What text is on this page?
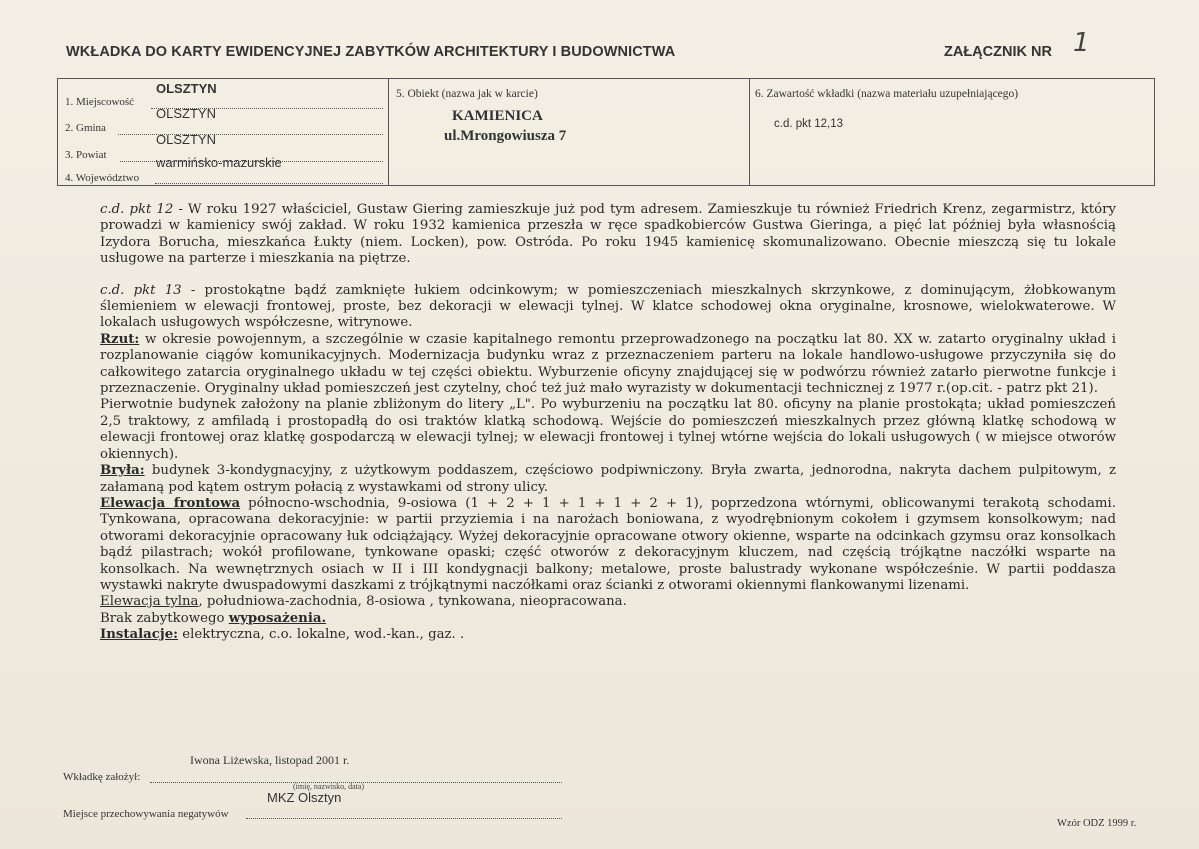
WKŁADKA DO KARTY EWIDENCYJNEJ ZABYTKÓW ARCHITEKTURY I BUDOWNICTWA	ZAŁĄCZNIK NR 1
1. Miejscowość
OLSZTYN
2. Gmina
OLSZTYN
3. Powiat
OLSZTYN
4. Województwo
warmińsko-mazurskie
5. Obiekt (nazwa jak w karcie)
KAMIENICA
ul.Mrongowiusza 7
6. Zawartość wkładki (nazwa materiału uzupełniającego)
c.d. pkt 12,13

c.d. pkt 12 - W roku 1927 właściciel, Gustaw Giering zamieszkuje już pod tym adresem. Zamieszkuje tu również Friedrich Krenz, zegarmistrz, który prowadzi w kamienicy swój zakład. W roku 1932 kamienica przeszła w ręce spadkobierców Gustwa Gieringa, a pięć lat później była własnością Izydora Borucha, mieszkańca Łukty (niem. Locken), pow. Ostróda. Po roku 1945 kamienicę skomunalizowano. Obecnie mieszczą się tu lokale usługowe na parterze i mieszkania na piętrze.

c.d. pkt 13 - prostokątne bądź zamknięte łukiem odcinkowym; w pomieszczeniach mieszkalnych skrzynkowe, z dominującym, żłobkowanym ślemieniem w elewacji frontowej, proste, bez dekoracji w elewacji tylnej. W klatce schodowej okna oryginalne, krosnowe, wielokwaterowe. W lokalach usługowych współczesne, witrynowe.

Rzut: w okresie powojennym, a szczególnie w czasie kapitalnego remontu przeprowadzonego na początku lat 80. XX w. zatarto oryginalny układ i rozplanowanie ciągów komunikacyjnych. Modernizacja budynku wraz z przeznaczeniem parteru na lokale handlowo-usługowe przyczyniła się do całkowitego zatarcia oryginalnego układu w tej części obiektu. Wyburzenie oficyny znajdującej się w podwórzu również zatarło pierwotne funkcje i przeznaczenie. Oryginalny układ pomieszczeń jest czytelny, choć też już mało wyrazisty w dokumentacji technicznej z 1977 r.(op.cit. - patrz pkt 21).

Pierwotnie budynek założony na planie zbliżonym do litery „L". Po wyburzeniu na początku lat 80. oficyny na planie prostokąta; układ pomieszczeń 2,5 traktowy, z amfiladą i prostopadłą do osi traktów klatką schodową. Wejście do pomieszczeń mieszkalnych przez główną klatkę schodową w elewacji frontowej oraz klatkę gospodarczą w elewacji tylnej; w elewacji frontowej i tylnej wtórne wejścia do lokali usługowych ( w miejsce otworów okiennych).

Bryła: budynek 3-kondygnacyjny, z użytkowym poddaszem, częściowo podpiwniczony. Bryła zwarta, jednorodna, nakryta dachem pulpitowym, z załamaną pod kątem ostrym połacią z wystawkami od strony ulicy.

Elewacja frontowa północno-wschodnia, 9-osiowa (1 + 2 + 1 + 1 + 1 + 2 + 1), poprzedzona wtórnymi, oblicowanymi terakotą schodami. Tynkowana, opracowana dekoracyjnie: w partii przyziemia i na narożach boniowana, z wyodrębnionym cokołem i gzymsem konsolkowym; nad otworami dekoracyjnie opracowany łuk odciążający. Wyżej dekoracyjnie opracowane otwory okienne, wsparte na odcinkach gzymsu oraz konsolkach bądź pilastrach; wokół profilowane, tynkowane opaski; część otworów z dekoracyjnym kluczem, nad częścią trójkątne naczółki wsparte na konsolkach. Na wewnętrznych osiach w II i III kondygnacji balkony; metalowe, proste balustrady wykonane współcześnie. W partii poddasza wystawki nakryte dwuspadowymi daszkami z trójkątnymi naczółkami oraz ścianki z otworami okiennymi flankowanymi lizenami.

Elewacja tylna, południowa-zachodnia, 8-osiowa , tynkowana, nieopracowana.

Brak zabytkowego wyposażenia.

Instalacje: elektryczna, c.o. lokalne, wod.-kan., gaz. .

Iwona Liżewska, listopad 2001 r.
Wkładkę założył:
(imię, nazwisko, data)
MKZ Olsztyn
Miejsce przechowywania negatywów
Wzór ODZ 1999 r.
